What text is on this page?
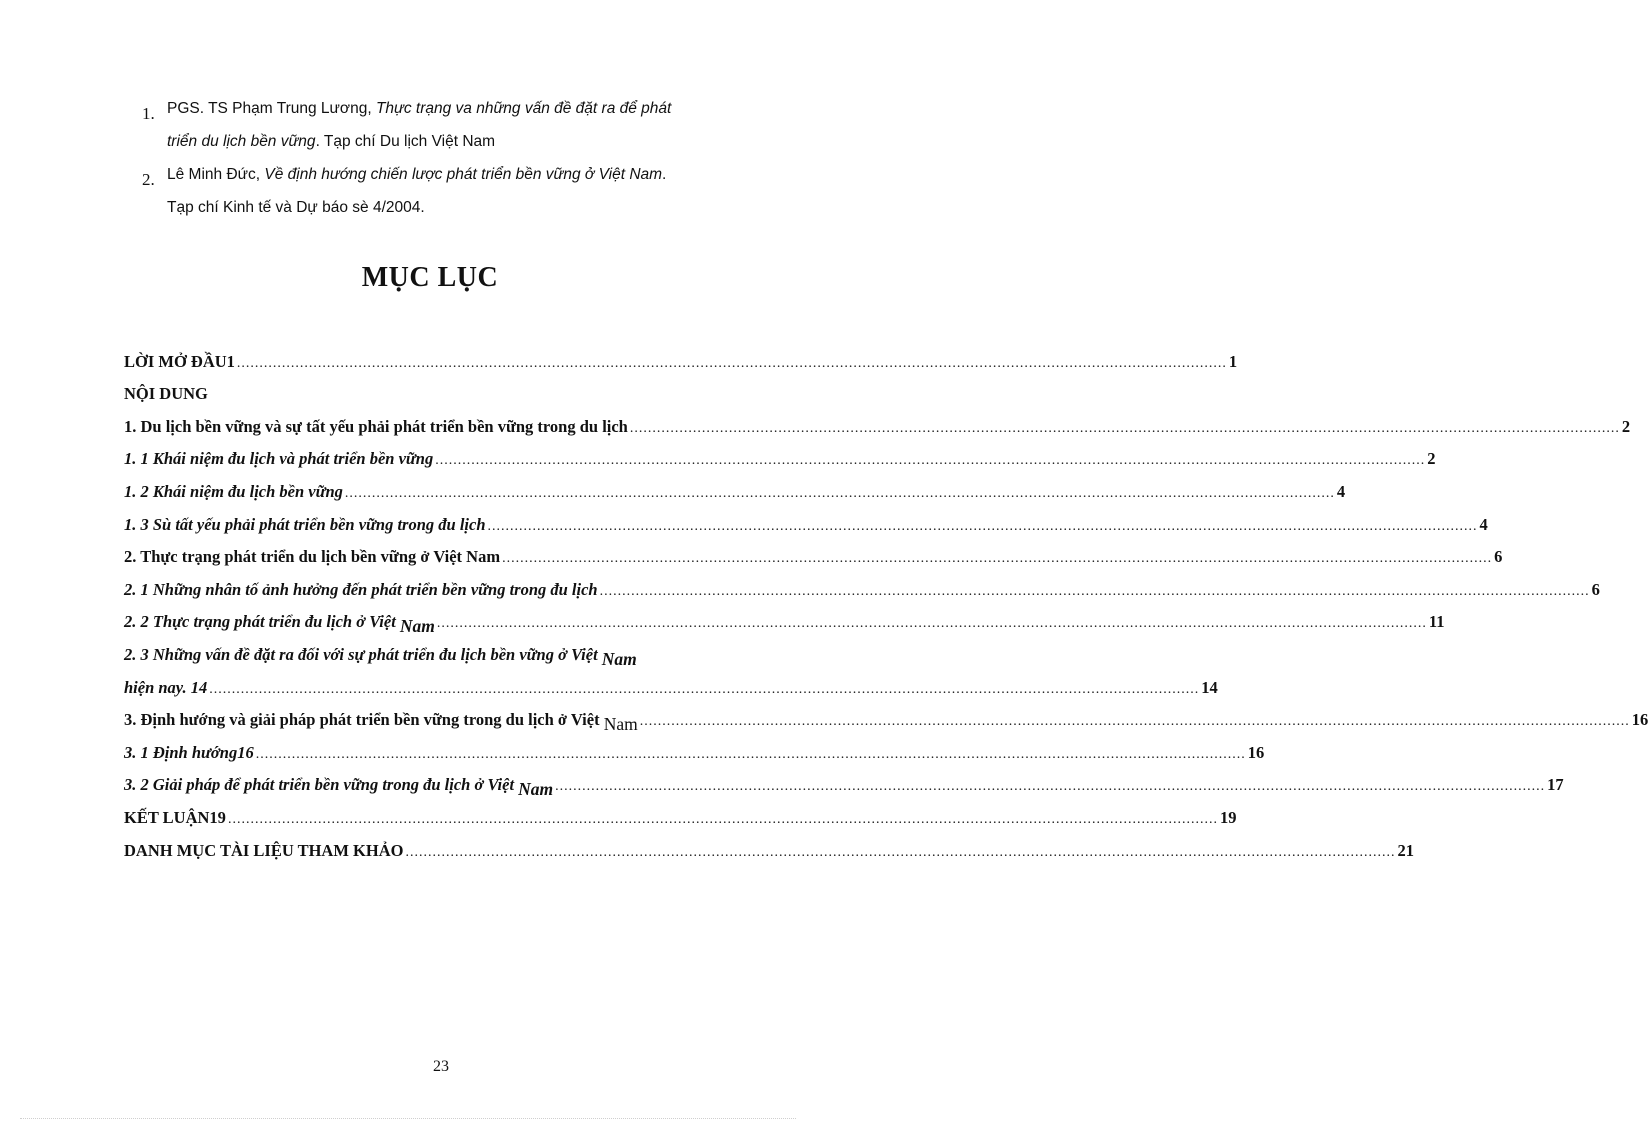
1. PGS. TS Phạm Trung Lương, Thực trạng va những vấn đề đặt ra để phát
triển du lịch bền vững. Tạp chí Du lịch Việt Nam
2. Lê Minh Đức, Về định hướng chiến lược phát triển bền vững ở Việt Nam.
Tạp chí Kinh tế và Dự báo sè 4/2004.
MỤC LỤC
LỜI MỞ ĐẦU1 ............................................................................................................................................................................................................................ 1
NỘI DUNG
1. Du lịch bền vững và sự tất yếu phải phát triển bền vững trong du lịch ............................................................................................................................................................................................................................ 2
1. 1 Khái niệm đu lịch và phát triển bền vững ............................................................................................................................................................................................................................ 2
1. 2 Khái niệm đu lịch bền vững ............................................................................................................................................................................................................................ 4
1. 3 Sù tất yếu phải phát triển bền vững trong đu lịch ............................................................................................................................................................................................................................ 4
2. Thực trạng phát triển du lịch bền vững ở Việt Nam ............................................................................................................................................................................................................................ 6
2. 1 Những nhân tố ảnh hưởng đến phát triển bền vững trong đu lịch ............................................................................................................................................................................................................................ 6
2. 2 Thực trạng phát triển đu lịch ở Việt Nam ............................................................................................................................................................................................................................ 11
2. 3 Những vấn đề đặt ra đối với sự phát triển đu lịch bền vững ở Việt Nam
hiện nay. 14 ............................................................................................................................................................................................................................ 14
3. Định hướng và giải pháp phát triển bền vững trong du lịch ở Việt Nam ............................................................................................................................................................................................................................ 16
3. 1 Định hướng16 ............................................................................................................................................................................................................................ 16
3. 2 Giải pháp để phát triển bền vững trong đu lịch ở Việt Nam ............................................................................................................................................................................................................................ 17
KẾT LUẬN19 ............................................................................................................................................................................................................................ 19
DANH MỤC TÀI LIỆU THAM KHẢO ............................................................................................................................................................................................................................ 21
23
